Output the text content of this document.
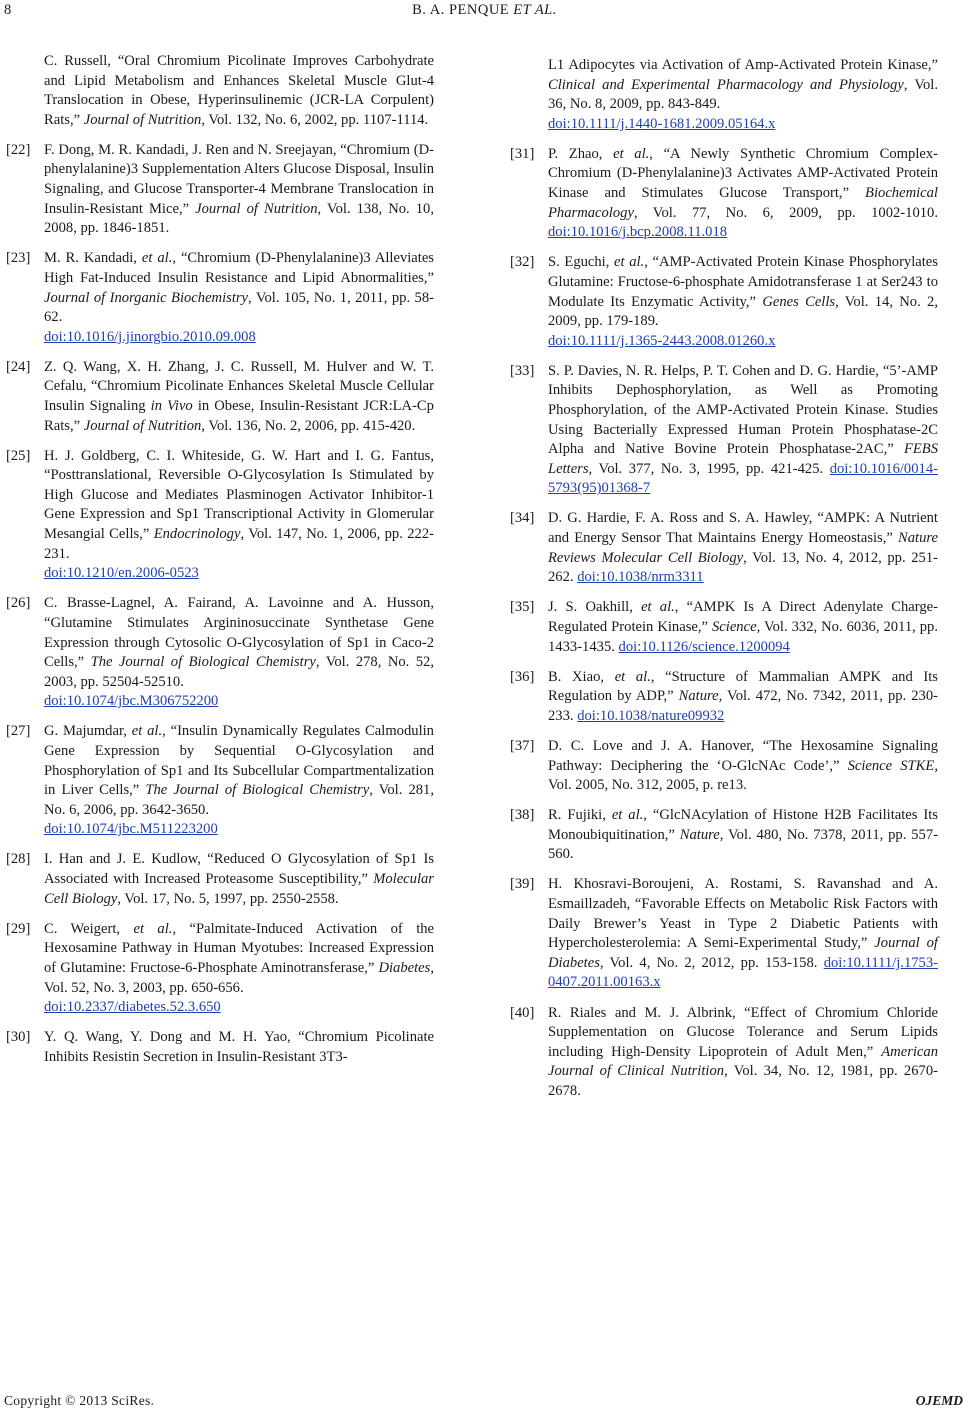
8	B. A. PENQUE ET AL.
C. Russell, “Oral Chromium Picolinate Improves Carbohydrate and Lipid Metabolism and Enhances Skeletal Muscle Glut-4 Translocation in Obese, Hyperinsulinemic (JCR-LA Corpulent) Rats,” Journal of Nutrition, Vol. 132, No. 6, 2002, pp. 1107-1114.
[22] F. Dong, M. R. Kandadi, J. Ren and N. Sreejayan, “Chromium (D-phenylalanine)3 Supplementation Alters Glucose Disposal, Insulin Signaling, and Glucose Transporter-4 Membrane Translocation in Insulin-Resistant Mice,” Journal of Nutrition, Vol. 138, No. 10, 2008, pp. 1846-1851.
[23] M. R. Kandadi, et al., “Chromium (D-Phenylalanine)3 Alleviates High Fat-Induced Insulin Resistance and Lipid Abnormalities,” Journal of Inorganic Biochemistry, Vol. 105, No. 1, 2011, pp. 58-62.
doi:10.1016/j.jinorgbio.2010.09.008
[24] Z. Q. Wang, X. H. Zhang, J. C. Russell, M. Hulver and W. T. Cefalu, “Chromium Picolinate Enhances Skeletal Muscle Cellular Insulin Signaling in Vivo in Obese, Insulin-Resistant JCR:LA-Cp Rats,” Journal of Nutrition, Vol. 136, No. 2, 2006, pp. 415-420.
[25] H. J. Goldberg, C. I. Whiteside, G. W. Hart and I. G. Fantus, “Posttranslational, Reversible O-Glycosylation Is Stimulated by High Glucose and Mediates Plasminogen Activator Inhibitor-1 Gene Expression and Sp1 Transcriptional Activity in Glomerular Mesangial Cells,” Endocrinology, Vol. 147, No. 1, 2006, pp. 222-231.
doi:10.1210/en.2006-0523
[26] C. Brasse-Lagnel, A. Fairand, A. Lavoinne and A. Husson, “Glutamine Stimulates Argininosuccinate Synthetase Gene Expression through Cytosolic O-Glycosylation of Sp1 in Caco-2 Cells,” The Journal of Biological Chemistry, Vol. 278, No. 52, 2003, pp. 52504-52510.
doi:10.1074/jbc.M306752200
[27] G. Majumdar, et al., “Insulin Dynamically Regulates Calmodulin Gene Expression by Sequential O-Glycosylation and Phosphorylation of Sp1 and Its Subcellular Compartmentalization in Liver Cells,” The Journal of Biological Chemistry, Vol. 281, No. 6, 2006, pp. 3642-3650.
doi:10.1074/jbc.M511223200
[28] I. Han and J. E. Kudlow, “Reduced O Glycosylation of Sp1 Is Associated with Increased Proteasome Susceptibility,” Molecular Cell Biology, Vol. 17, No. 5, 1997, pp. 2550-2558.
[29] C. Weigert, et al., “Palmitate-Induced Activation of the Hexosamine Pathway in Human Myotubes: Increased Expression of Glutamine: Fructose-6-Phosphate Aminotransferase,” Diabetes, Vol. 52, No. 3, 2003, pp. 650-656.
doi:10.2337/diabetes.52.3.650
[30] Y. Q. Wang, Y. Dong and M. H. Yao, “Chromium Picolinate Inhibits Resistin Secretion in Insulin-Resistant 3T3-
L1 Adipocytes via Activation of Amp-Activated Protein Kinase,” Clinical and Experimental Pharmacology and Physiology, Vol. 36, No. 8, 2009, pp. 843-849.
doi:10.1111/j.1440-1681.2009.05164.x
[31] P. Zhao, et al., “A Newly Synthetic Chromium Complex-Chromium (D-Phenylalanine)3 Activates AMP-Activated Protein Kinase and Stimulates Glucose Transport,” Biochemical Pharmacology, Vol. 77, No. 6, 2009, pp. 1002-1010. doi:10.1016/j.bcp.2008.11.018
[32] S. Eguchi, et al., “AMP-Activated Protein Kinase Phosphorylates Glutamine: Fructose-6-phosphate Amidotransferase 1 at Ser243 to Modulate Its Enzymatic Activity,” Genes Cells, Vol. 14, No. 2, 2009, pp. 179-189.
doi:10.1111/j.1365-2443.2008.01260.x
[33] S. P. Davies, N. R. Helps, P. T. Cohen and D. G. Hardie, “5’-AMP Inhibits Dephosphorylation, as Well as Promoting Phosphorylation, of the AMP-Activated Protein Kinase. Studies Using Bacterially Expressed Human Protein Phosphatase-2C Alpha and Native Bovine Protein Phosphatase-2AC,” FEBS Letters, Vol. 377, No. 3, 1995, pp. 421-425. doi:10.1016/0014-5793(95)01368-7
[34] D. G. Hardie, F. A. Ross and S. A. Hawley, “AMPK: A Nutrient and Energy Sensor That Maintains Energy Homeostasis,” Nature Reviews Molecular Cell Biology, Vol. 13, No. 4, 2012, pp. 251-262. doi:10.1038/nrm3311
[35] J. S. Oakhill, et al., “AMPK Is A Direct Adenylate Charge-Regulated Protein Kinase,” Science, Vol. 332, No. 6036, 2011, pp. 1433-1435. doi:10.1126/science.1200094
[36] B. Xiao, et al., “Structure of Mammalian AMPK and Its Regulation by ADP,” Nature, Vol. 472, No. 7342, 2011, pp. 230-233. doi:10.1038/nature09932
[37] D. C. Love and J. A. Hanover, “The Hexosamine Signaling Pathway: Deciphering the ‘O-GlcNAc Code’,” Science STKE, Vol. 2005, No. 312, 2005, p. re13.
[38] R. Fujiki, et al., “GlcNAcylation of Histone H2B Facilitates Its Monoubiquitination,” Nature, Vol. 480, No. 7378, 2011, pp. 557-560.
[39] H. Khosravi-Boroujeni, A. Rostami, S. Ravanshad and A. Esmaillzadeh, “Favorable Effects on Metabolic Risk Factors with Daily Brewer’s Yeast in Type 2 Diabetic Patients with Hypercholesterolemia: A Semi-Experimental Study,” Journal of Diabetes, Vol. 4, No. 2, 2012, pp. 153-158. doi:10.1111/j.1753-0407.2011.00163.x
[40] R. Riales and M. J. Albrink, “Effect of Chromium Chloride Supplementation on Glucose Tolerance and Serum Lipids including High-Density Lipoprotein of Adult Men,” American Journal of Clinical Nutrition, Vol. 34, No. 12, 1981, pp. 2670-2678.
Copyright © 2013 SciRes.	OJEMD
